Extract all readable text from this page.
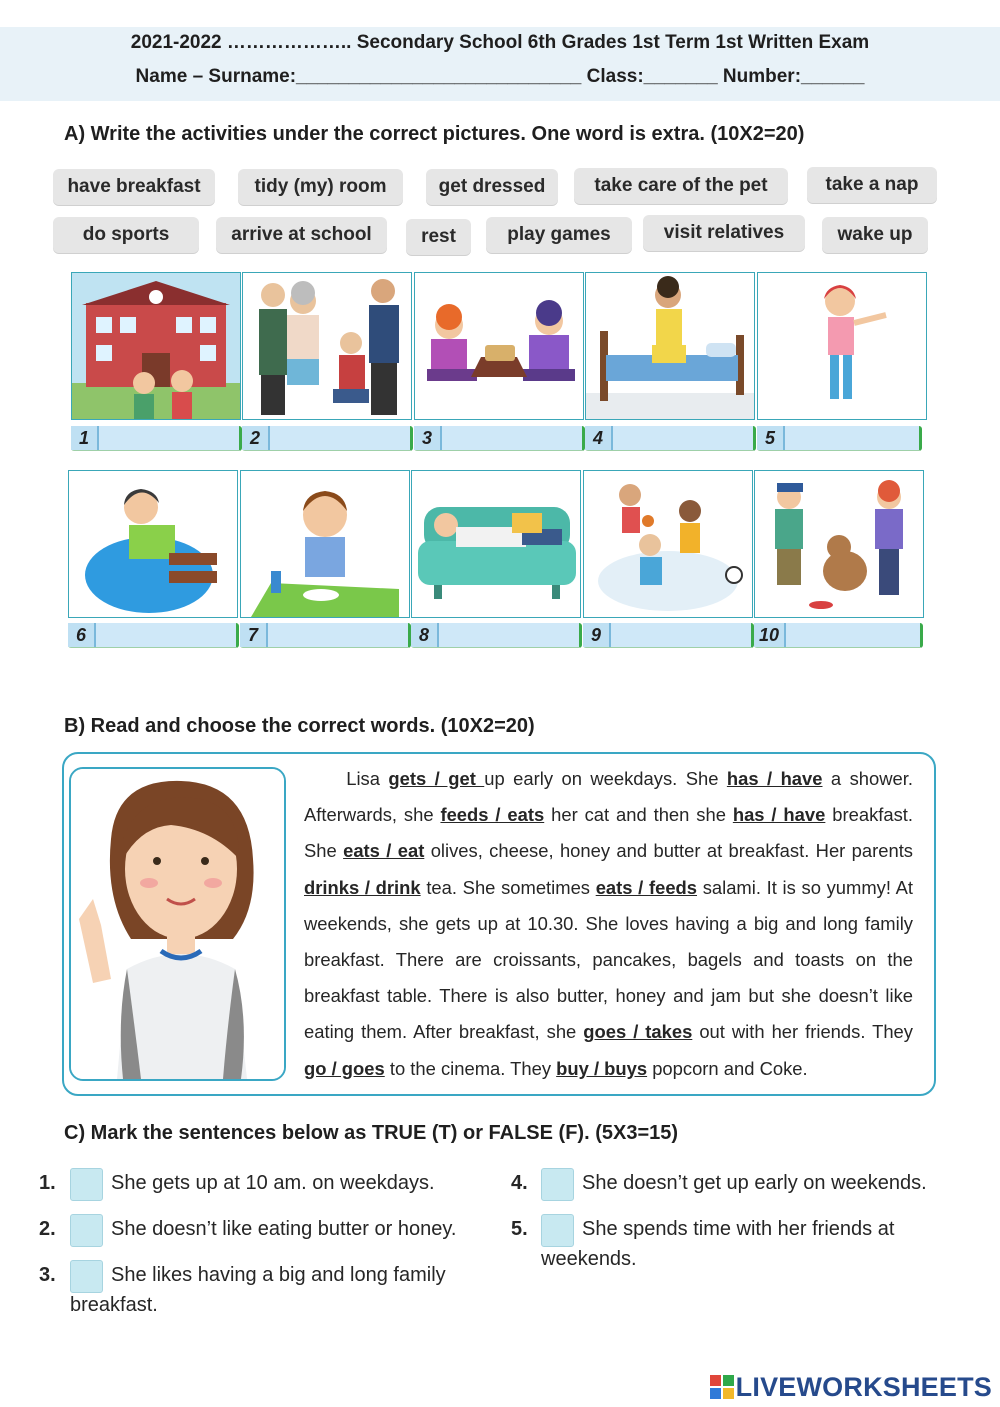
2021-2022 ……………….. Secondary School 6th Grades 1st Term 1st Written Exam
Name – Surname:___________________________ Class:_______ Number:______
A) Write the activities under the correct pictures. One word is extra. (10X2=20)
have breakfast	tidy (my) room	get dressed	take care of the pet	take a nap
do sports	arrive at school	rest	play games	visit relatives	wake up
1	2	3	4	5
6	7	8	9	10
B) Read and choose the correct words. (10X2=20)
Lisa gets / get up early on weekdays. She has / have a shower. Afterwards, she feeds / eats her cat and then she has / have breakfast. She eats / eat olives, cheese, honey and butter at breakfast. Her parents drinks / drink tea. She sometimes eats / feeds salami. It is so yummy! At weekends, she gets up at 10.30. She loves having a big and long family breakfast. There are croissants, pancakes, bagels and toasts on the breakfast table. There is also butter, honey and jam but she doesn’t like eating them. After breakfast, she goes / takes out with her friends. They go / goes to the cinema. They buy / buys popcorn and Coke.
C) Mark the sentences below as TRUE (T) or FALSE (F). (5X3=15)
1.	She gets up at 10 am. on weekdays.
2.	She doesn’t like eating butter or honey.
3.	She likes having a big and long family breakfast.
4.	She doesn’t get up early on weekends.
5.	She spends time with her friends at weekends.
LIVEWORKSHEETS
